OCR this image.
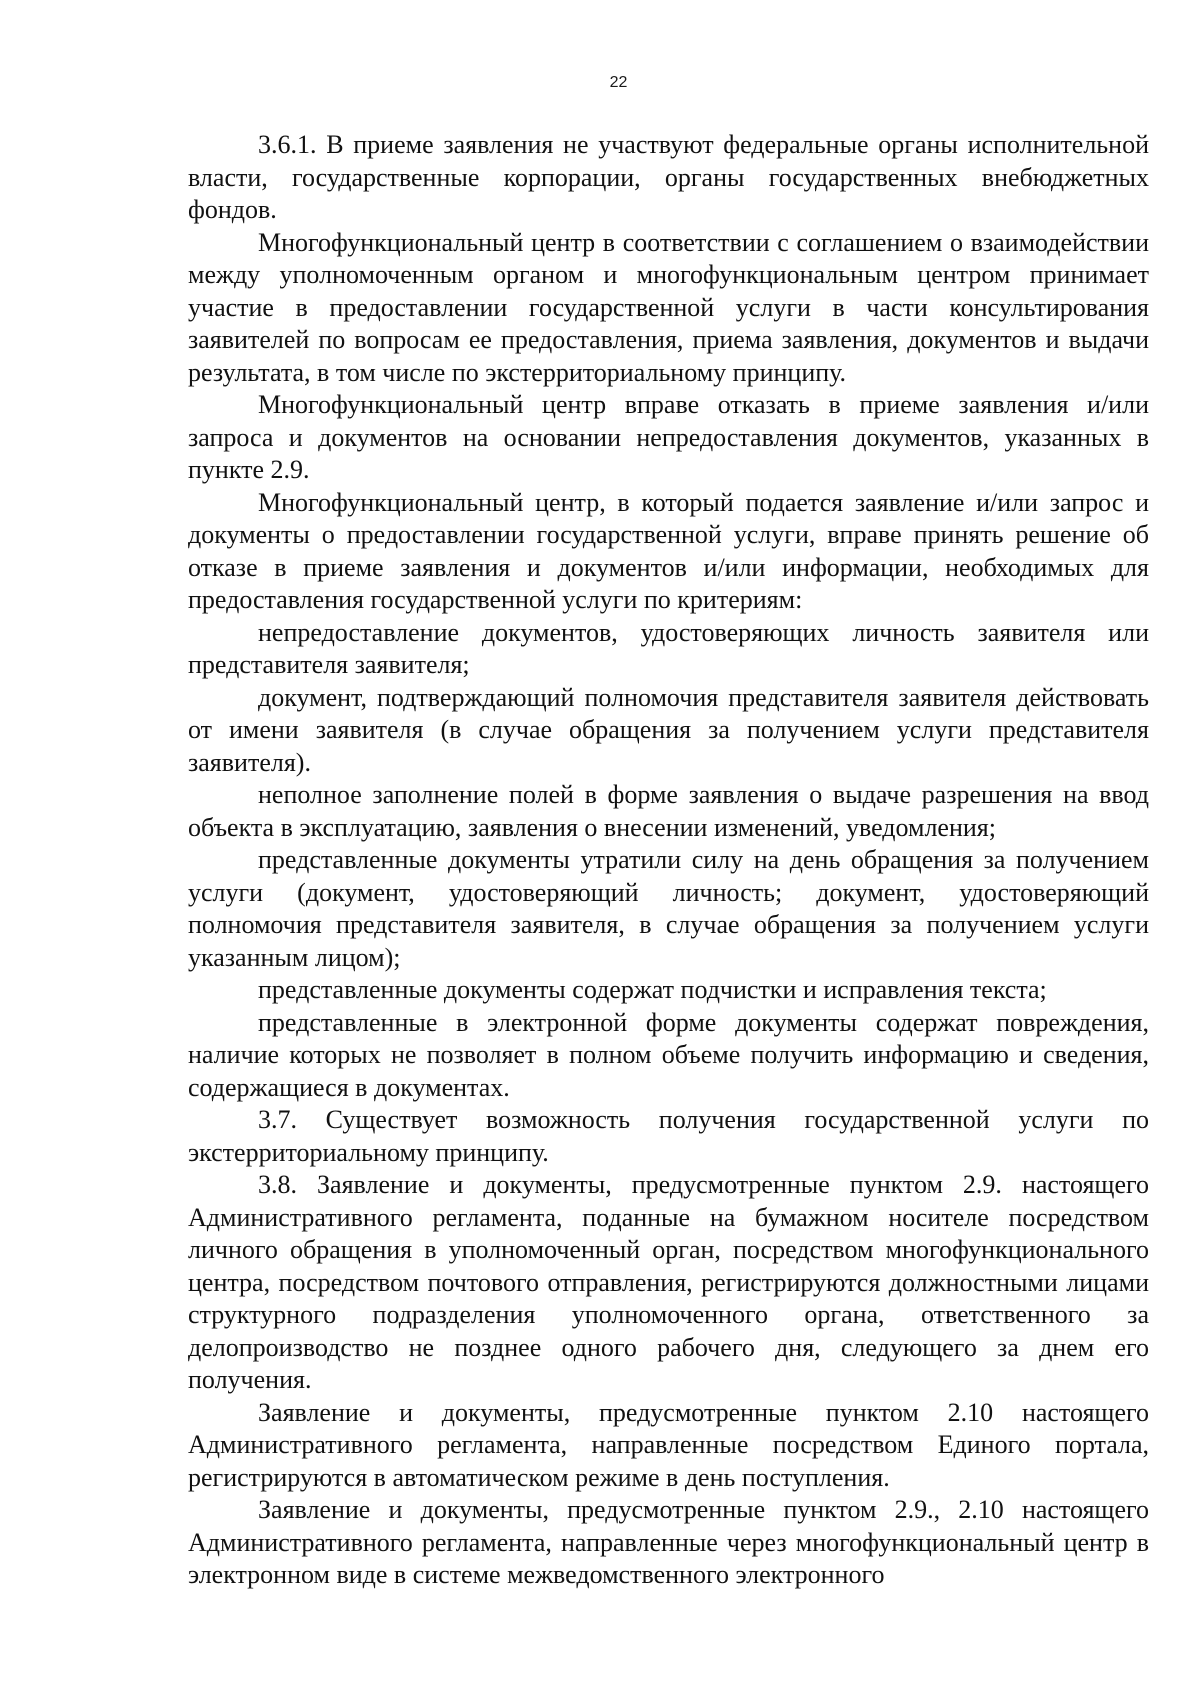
22

3.6.1. В приеме заявления не участвуют федеральные органы исполнительной власти, государственные корпорации, органы государственных внебюджетных фондов.

Многофункциональный центр в соответствии с соглашением о взаимодействии между уполномоченным органом и многофункциональным центром принимает участие в предоставлении государственной услуги в части консультирования заявителей по вопросам ее предоставления, приема заявления, документов и выдачи результата, в том числе по экстерриториальному принципу.

Многофункциональный центр вправе отказать в приеме заявления и/или запроса и документов на основании непредоставления документов, указанных в пункте 2.9.

Многофункциональный центр, в который подается заявление и/или запрос и документы о предоставлении государственной услуги, вправе принять решение об отказе в приеме заявления и документов и/или информации, необходимых для предоставления государственной услуги по критериям:

непредоставление документов, удостоверяющих личность заявителя или представителя заявителя;

документ, подтверждающий полномочия представителя заявителя действовать от имени заявителя (в случае обращения за получением услуги представителя заявителя).

неполное заполнение полей в форме заявления о выдаче разрешения на ввод объекта в эксплуатацию, заявления о внесении изменений, уведомления;

представленные документы утратили силу на день обращения за получением услуги (документ, удостоверяющий личность; документ, удостоверяющий полномочия представителя заявителя, в случае обращения за получением услуги указанным лицом);

представленные документы содержат подчистки и исправления текста;

представленные в электронной форме документы содержат повреждения, наличие которых не позволяет в полном объеме получить информацию и сведения, содержащиеся в документах.

3.7. Существует возможность получения государственной услуги по экстерриториальному принципу.

3.8. Заявление и документы, предусмотренные пунктом 2.9. настоящего Административного регламента, поданные на бумажном носителе посредством личного обращения в уполномоченный орган, посредством многофункционального центра, посредством почтового отправления, регистрируются должностными лицами структурного подразделения уполномоченного органа, ответственного за делопроизводство не позднее одного рабочего дня, следующего за днем его получения.

Заявление и документы, предусмотренные пунктом 2.10 настоящего Административного регламента, направленные посредством Единого портала, регистрируются в автоматическом режиме в день поступления.

Заявление и документы, предусмотренные пунктом 2.9., 2.10 настоящего Административного регламента, направленные через многофункциональный центр в электронном виде в системе межведомственного электронного
